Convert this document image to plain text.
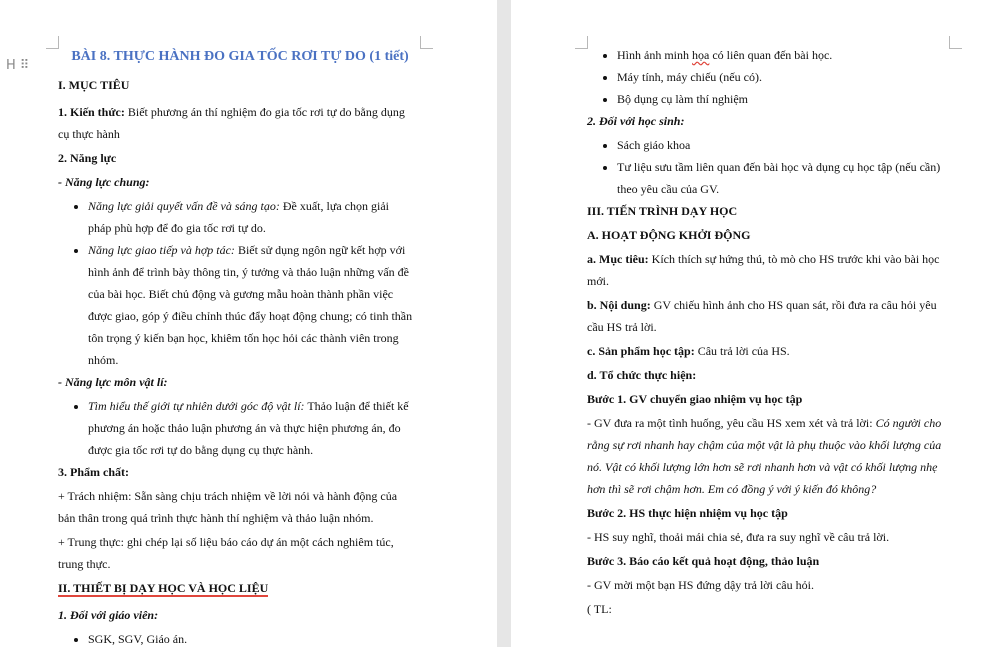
BÀI 8. THỰC HÀNH ĐO GIA TỐC RƠI TỰ DO (1 tiết)

I. MỤC TIÊU

1. Kiến thức: Biết phương án thí nghiệm đo gia tốc rơi tự do bằng dụng cụ thực hành

2. Năng lực

- Năng lực chung:

• Năng lực giải quyết vấn đề và sáng tạo: Đề xuất, lựa chọn giải pháp phù hợp để đo gia tốc rơi tự do.
• Năng lực giao tiếp và hợp tác: Biết sử dụng ngôn ngữ kết hợp với hình ảnh để trình bày thông tin, ý tưởng và thảo luận những vấn đề của bài học. Biết chủ động và gương mẫu hoàn thành phần việc được giao, góp ý điều chỉnh thúc đẩy hoạt động chung; có tinh thần tôn trọng ý kiến bạn học, khiêm tốn học hỏi các thành viên trong nhóm.

- Năng lực môn vật lí:

• Tìm hiểu thế giới tự nhiên dưới góc độ vật lí: Thảo luận để thiết kế phương án hoặc thảo luận phương án và thực hiện phương án, đo được gia tốc rơi tự do bằng dụng cụ thực hành.

3. Phẩm chất:

+ Trách nhiệm: Sẵn sàng chịu trách nhiệm về lời nói và hành động của bản thân trong quá trình thực hành thí nghiệm và thảo luận nhóm.

+ Trung thực: ghi chép lại số liệu báo cáo dự án một cách nghiêm túc, trung thực.

II. THIẾT BỊ DẠY HỌC VÀ HỌC LIỆU

1. Đối với giáo viên:

• SGK, SGV, Giáo án.
H ⠿
• Hình ảnh minh họa có liên quan đến bài học.
• Máy tính, máy chiếu (nếu có).
• Bộ dụng cụ làm thí nghiệm

2. Đối với học sinh:

• Sách giáo khoa
• Tư liệu sưu tầm liên quan đến bài học và dụng cụ học tập (nếu cần) theo yêu cầu của GV.

III. TIẾN TRÌNH DẠY HỌC

A. HOẠT ĐỘNG KHỞI ĐỘNG

a. Mục tiêu: Kích thích sự hứng thú, tò mò cho HS trước khi vào bài học mới.

b. Nội dung: GV chiếu hình ảnh cho HS quan sát, rồi đưa ra câu hỏi yêu cầu HS trả lời.

c. Sản phẩm học tập: Câu trả lời của HS.

d. Tổ chức thực hiện:

Bước 1. GV chuyển giao nhiệm vụ học tập

- GV đưa ra một tình huống, yêu cầu HS xem xét và trả lời: Có người cho rằng sự rơi nhanh hay chậm của một vật là phụ thuộc vào khối lượng của nó. Vật có khối lượng lớn hơn sẽ rơi nhanh hơn và vật có khối lượng nhẹ hơn thì sẽ rơi chậm hơn. Em có đồng ý với ý kiến đó không?

Bước 2. HS thực hiện nhiệm vụ học tập

- HS suy nghĩ, thoải mái chia sẻ, đưa ra suy nghĩ về câu trả lời.

Bước 3. Báo cáo kết quả hoạt động, thảo luận

- GV mời một bạn HS đứng dậy trả lời câu hỏi.

( TL:
